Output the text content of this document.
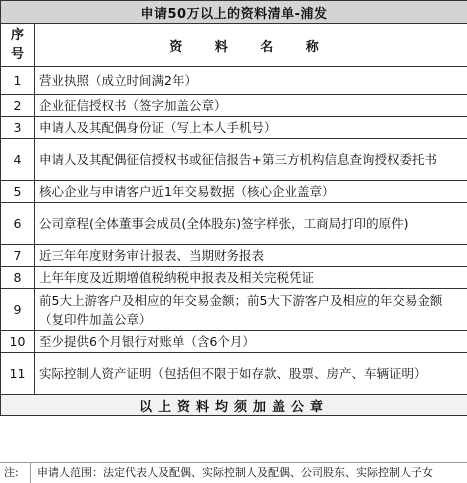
申请50万以上的资料清单-浦发	
序号	资 料 名 称
1	营业执照（成立时间满2年）
2	企业征信授权书（签字加盖公章）
3	申请人及其配偶身份证（写上本人手机号）
4	申请人及其配偶征信授权书或征信报告+第三方机构信息查询授权委托书
5	核心企业与申请客户近1年交易数据（核心企业盖章）
6	公司章程(全体董事会成员(全体股东)签字样张，工商局打印的原件)
7	近三年年度财务审计报表、当期财务报表
8	上年年度及近期增值税纳税申报表及相关完税凭证
9	前5大上游客户及相应的年交易金额；前5大下游客户及相应的年交易金额（复印件加盖公章）
10	至少提供6个月银行对账单（含6个月）
11	实际控制人资产证明（包括但不限于如存款、股票、房产、车辆证明）
以上资料均须加盖公章	
注:	申请人范围：法定代表人及配偶、实际控制人及配偶、公司股东、实际控制人子女
